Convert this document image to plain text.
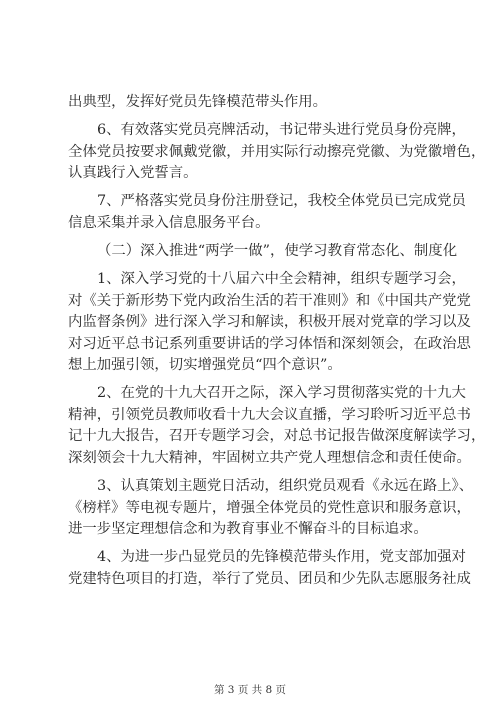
出典型，发挥好党员先锋模范带头作用。
6、有效落实党员亮牌活动，书记带头进行党员身份亮牌，
全体党员按要求佩戴党徽，并用实际行动擦亮党徽、为党徽增色，
认真践行入党誓言。
7、严格落实党员身份注册登记，我校全体党员已完成党员
信息采集并录入信息服务平台。
（二）深入推进“两学一做”，使学习教育常态化、制度化
1、深入学习党的十八届六中全会精神，组织专题学习会，
对《关于新形势下党内政治生活的若干准则》和《中国共产党党
内监督条例》进行深入学习和解读，积极开展对党章的学习以及
对习近平总书记系列重要讲话的学习体悟和深刻领会，在政治思
想上加强引领，切实增强党员“四个意识”。
2、在党的十九大召开之际，深入学习贯彻落实党的十九大
精神，引领党员教师收看十九大会议直播，学习聆听习近平总书
记十九大报告，召开专题学习会，对总书记报告做深度解读学习，
深刻领会十九大精神，牢固树立共产党人理想信念和责任使命。
3、认真策划主题党日活动，组织党员观看《永远在路上》、
《榜样》等电视专题片，增强全体党员的党性意识和服务意识，
进一步坚定理想信念和为教育事业不懈奋斗的目标追求。
4、为进一步凸显党员的先锋模范带头作用，党支部加强对
党建特色项目的打造，举行了党员、团员和少先队志愿服务社成
第 3 页 共 8 页
